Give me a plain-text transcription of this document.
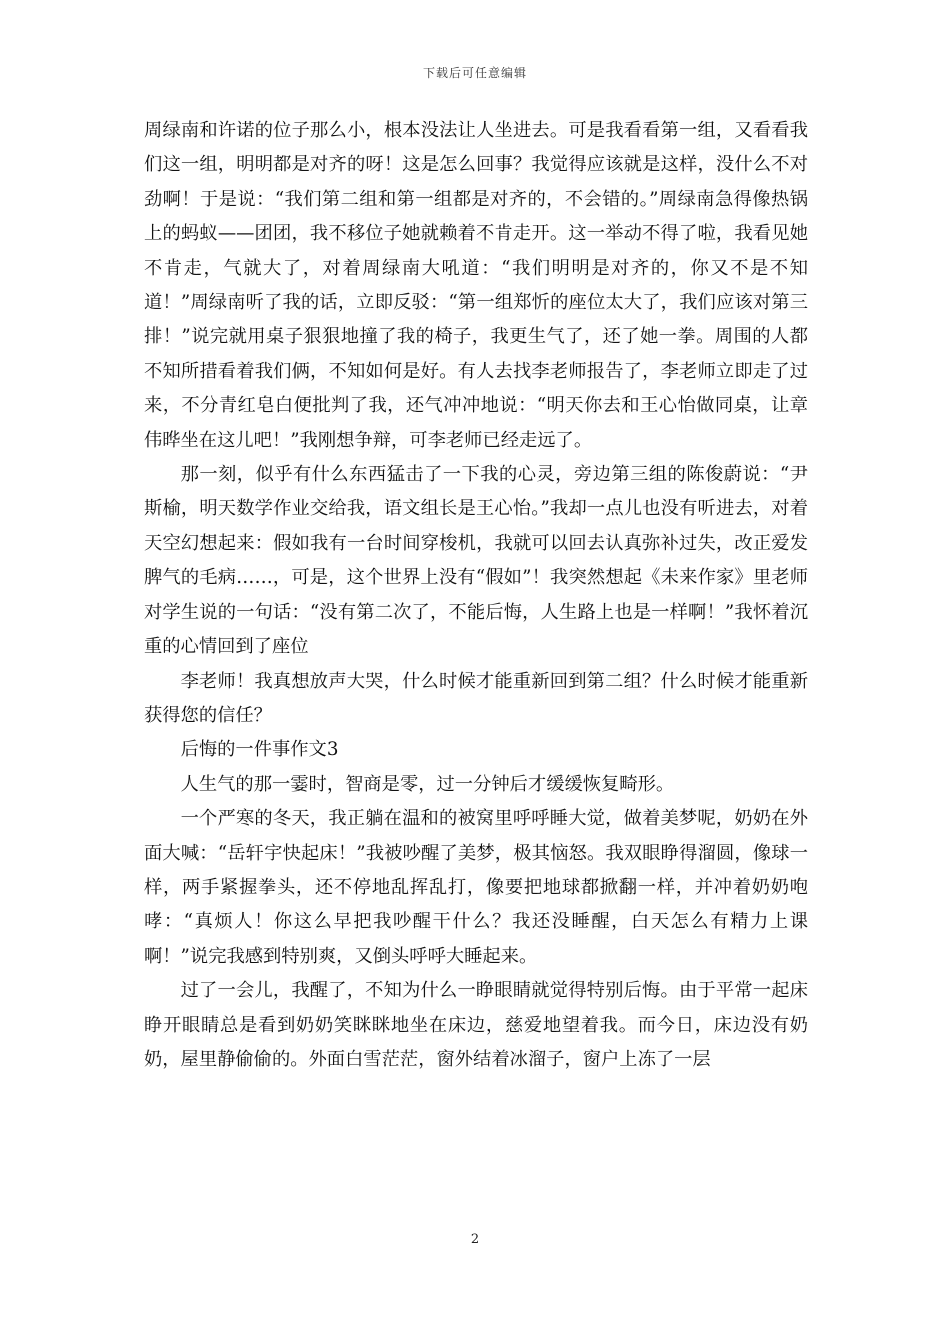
下载后可任意编辑

周绿南和许诺的位子那么小，根本没法让人坐进去。可是我看看第一组，又看看我们这一组，明明都是对齐的呀！这是怎么回事？我觉得应该就是这样，没什么不对劲啊！于是说：“我们第二组和第一组都是对齐的，不会错的。”周绿南急得像热锅上的蚂蚁——团团，我不移位子她就赖着不肯走开。这一举动不得了啦，我看见她不肯走，气就大了，对着周绿南大吼道：“我们明明是对齐的，你又不是不知道！”周绿南听了我的话，立即反驳：“第一组郑忻的座位太大了，我们应该对第三排！”说完就用桌子狠狠地撞了我的椅子，我更生气了，还了她一拳。周围的人都不知所措看着我们俩，不知如何是好。有人去找李老师报告了，李老师立即走了过来，不分青红皂白便批判了我，还气冲冲地说：“明天你去和王心怡做同桌，让章伟晔坐在这儿吧！”我刚想争辩，可李老师已经走远了。

那一刻，似乎有什么东西猛击了一下我的心灵，旁边第三组的陈俊蔚说：“尹斯榆，明天数学作业交给我，语文组长是王心怡。”我却一点儿也没有听进去，对着天空幻想起来：假如我有一台时间穿梭机，我就可以回去认真弥补过失，改正爱发脾气的毛病……，可是，这个世界上没有“假如”！我突然想起《未来作家》里老师对学生说的一句话：“没有第二次了，不能后悔，人生路上也是一样啊！”我怀着沉重的心情回到了座位

李老师！我真想放声大哭，什么时候才能重新回到第二组？什么时候才能重新获得您的信任？

后悔的一件事作文3

人生气的那一霎时，智商是零，过一分钟后才缓缓恢复畸形。

一个严寒的冬天，我正躺在温和的被窝里呼呼睡大觉，做着美梦呢，奶奶在外面大喊：“岳轩宇快起床！”我被吵醒了美梦，极其恼怒。我双眼睁得溜圆，像球一样，两手紧握拳头，还不停地乱挥乱打，像要把地球都掀翻一样，并冲着奶奶咆哮：“真烦人！你这么早把我吵醒干什么？我还没睡醒，白天怎么有精力上课啊！”说完我感到特别爽，又倒头呼呼大睡起来。

过了一会儿，我醒了，不知为什么一睁眼睛就觉得特别后悔。由于平常一起床睁开眼睛总是看到奶奶笑眯眯地坐在床边，慈爱地望着我。而今日，床边没有奶奶，屋里静偷偷的。外面白雪茫茫，窗外结着冰溜子，窗户上冻了一层

2
